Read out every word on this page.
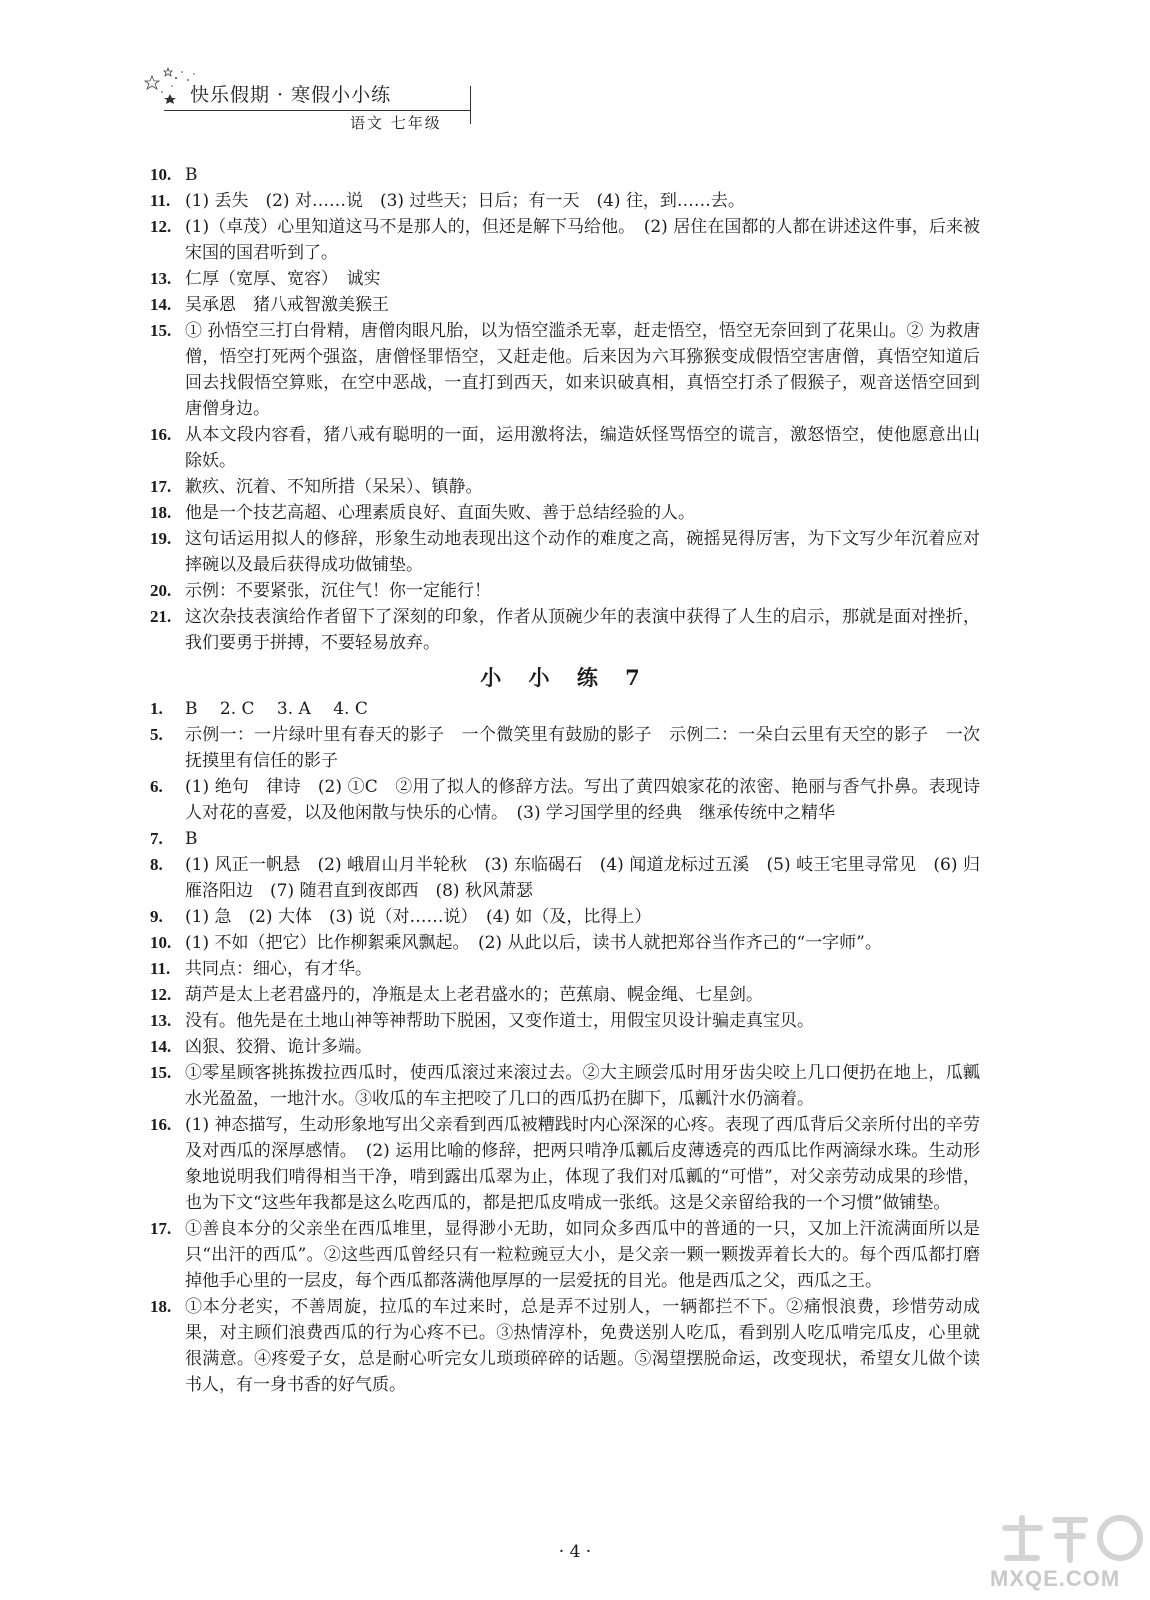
快乐假期 · 寒假小小练
语文 七年级
10. B
11. (1) 丢失　(2) 对……说　(3) 过些天；日后；有一天　(4) 往，到……去。
12. (1)（卓茂）心里知道这马不是那人的，但还是解下马给他。　(2) 居住在国都的人都在讲述这件事，后来被宋国的国君听到了。
13. 仁厚（宽厚、宽容）　诚实
14. 吴承恩　猪八戒智激美猴王
15. ① 孙悟空三打白骨精，唐僧肉眼凡胎，以为悟空滥杀无辜，赶走悟空，悟空无奈回到了花果山。② 为救唐僧，悟空打死两个强盗，唐僧怪罪悟空，又赶走他。后来因为六耳猕猴变成假悟空害唐僧，真悟空知道后回去找假悟空算账，在空中恶战，一直打到西天，如来识破真相，真悟空打杀了假猴子，观音送悟空回到唐僧身边。
16. 从本文段内容看，猪八戒有聪明的一面，运用激将法，编造妖怪骂悟空的谎言，激怒悟空，使他愿意出山除妖。
17. 歉疚、沉着、不知所措（呆呆）、镇静。
18. 他是一个技艺高超、心理素质良好、直面失败、善于总结经验的人。
19. 这句话运用拟人的修辞，形象生动地表现出这个动作的难度之高，碗摇晃得厉害，为下文写少年沉着应对摔碗以及最后获得成功做铺垫。
20. 示例：不要紧张，沉住气！你一定能行！
21. 这次杂技表演给作者留下了深刻的印象，作者从顶碗少年的表演中获得了人生的启示，那就是面对挫折，我们要勇于拼搏，不要轻易放弃。
小 小 练 7
1.	B　 2. C　 3. A　 4. C
5.	示例一：一片绿叶里有春天的影子　一个微笑里有鼓励的影子　示例二：一朵白云里有天空的影子　一次抚摸里有信任的影子
6.	(1) 绝句　律诗　(2) ①C　②用了拟人的修辞方法。写出了黄四娘家花的浓密、艳丽与香气扑鼻。表现诗人对花的喜爱，以及他闲散与快乐的心情。　(3) 学习国学里的经典　继承传统中之精华
7.	B
8.	(1) 风正一帆悬　(2) 峨眉山月半轮秋　(3) 东临碣石　(4) 闻道龙标过五溪　(5) 岐王宅里寻常见　(6) 归雁洛阳边　(7) 随君直到夜郎西　(8) 秋风萧瑟
9.	(1) 急　(2) 大体　(3) 说（对……说）　(4) 如（及，比得上）
10. (1) 不如（把它）比作柳絮乘风飘起。　(2) 从此以后，读书人就把郑谷当作齐己的“一字师”。
11. 共同点：细心，有才华。
12. 葫芦是太上老君盛丹的，净瓶是太上老君盛水的；芭蕉扇、幌金绳、七星剑。
13. 没有。他先是在土地山神等神帮助下脱困，又变作道士，用假宝贝设计骗走真宝贝。
14. 凶狠、狡猾、诡计多端。
15. ①零星顾客挑拣拨拉西瓜时，使西瓜滚过来滚过去。②大主顾尝瓜时用牙齿尖咬上几口便扔在地上，瓜瓤水光盈盈，一地汁水。③收瓜的车主把咬了几口的西瓜扔在脚下，瓜瓤汁水仍滴着。
16. (1) 神态描写，生动形象地写出父亲看到西瓜被糟践时内心深深的心疼。表现了西瓜背后父亲所付出的辛劳及对西瓜的深厚感情。　(2) 运用比喻的修辞，把两只啃净瓜瓤后皮薄透亮的西瓜比作两滴绿水珠。生动形象地说明我们啃得相当干净，啃到露出瓜翠为止，体现了我们对瓜瓤的“可惜”，对父亲劳动成果的珍惜，也为下文“这些年我都是这么吃西瓜的，都是把瓜皮啃成一张纸。这是父亲留给我的一个习惯”做铺垫。
17. ①善良本分的父亲坐在西瓜堆里，显得渺小无助，如同众多西瓜中的普通的一只，又加上汗流满面所以是只“出汗的西瓜”。②这些西瓜曾经只有一粒粒豌豆大小，是父亲一颗一颗拨弄着长大的。每个西瓜都打磨掉他手心里的一层皮，每个西瓜都落满他厚厚的一层爱抚的目光。他是西瓜之父，西瓜之王。
18. ①本分老实，不善周旋，拉瓜的车过来时，总是弄不过别人，一辆都拦不下。②痛恨浪费，珍惜劳动成果，对主顾们浪费西瓜的行为心疼不已。③热情淳朴，免费送别人吃瓜，看到别人吃瓜啃完瓜皮，心里就很满意。④疼爱子女，总是耐心听完女儿琐琐碎碎的话题。⑤渴望摆脱命运，改变现状，希望女儿做个读书人，有一身书香的好气质。
· 4 ·
MXQE.COM
